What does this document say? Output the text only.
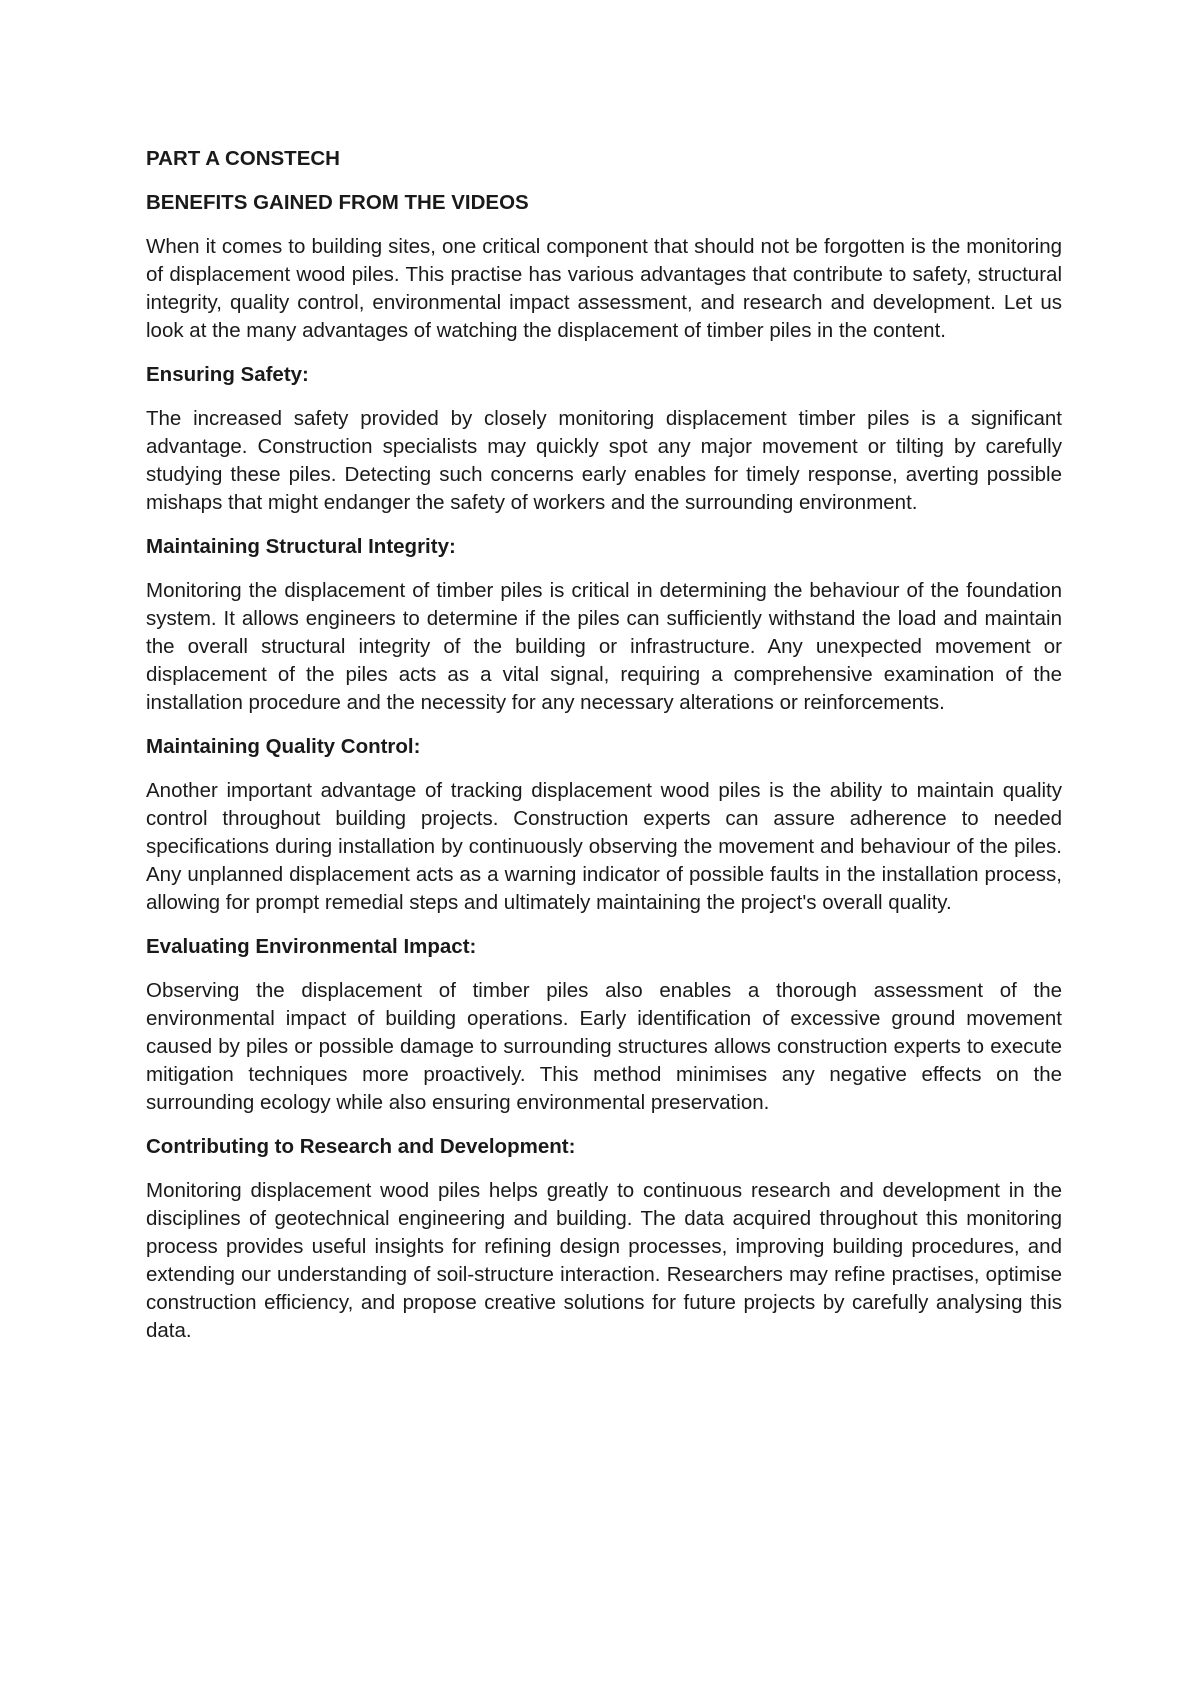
PART A CONSTECH

BENEFITS GAINED FROM THE VIDEOS

When it comes to building sites, one critical component that should not be forgotten is the monitoring of displacement wood piles. This practise has various advantages that contribute to safety, structural integrity, quality control, environmental impact assessment, and research and development. Let us look at the many advantages of watching the displacement of timber piles in the content.

Ensuring Safety:

The increased safety provided by closely monitoring displacement timber piles is a significant advantage. Construction specialists may quickly spot any major movement or tilting by carefully studying these piles. Detecting such concerns early enables for timely response, averting possible mishaps that might endanger the safety of workers and the surrounding environment.

Maintaining Structural Integrity:

Monitoring the displacement of timber piles is critical in determining the behaviour of the foundation system. It allows engineers to determine if the piles can sufficiently withstand the load and maintain the overall structural integrity of the building or infrastructure. Any unexpected movement or displacement of the piles acts as a vital signal, requiring a comprehensive examination of the installation procedure and the necessity for any necessary alterations or reinforcements.

Maintaining Quality Control:

Another important advantage of tracking displacement wood piles is the ability to maintain quality control throughout building projects. Construction experts can assure adherence to needed specifications during installation by continuously observing the movement and behaviour of the piles. Any unplanned displacement acts as a warning indicator of possible faults in the installation process, allowing for prompt remedial steps and ultimately maintaining the project's overall quality.

Evaluating Environmental Impact:

Observing the displacement of timber piles also enables a thorough assessment of the environmental impact of building operations. Early identification of excessive ground movement caused by piles or possible damage to surrounding structures allows construction experts to execute mitigation techniques more proactively. This method minimises any negative effects on the surrounding ecology while also ensuring environmental preservation.

Contributing to Research and Development:

Monitoring displacement wood piles helps greatly to continuous research and development in the disciplines of geotechnical engineering and building. The data acquired throughout this monitoring process provides useful insights for refining design processes, improving building procedures, and extending our understanding of soil-structure interaction. Researchers may refine practises, optimise construction efficiency, and propose creative solutions for future projects by carefully analysing this data.
